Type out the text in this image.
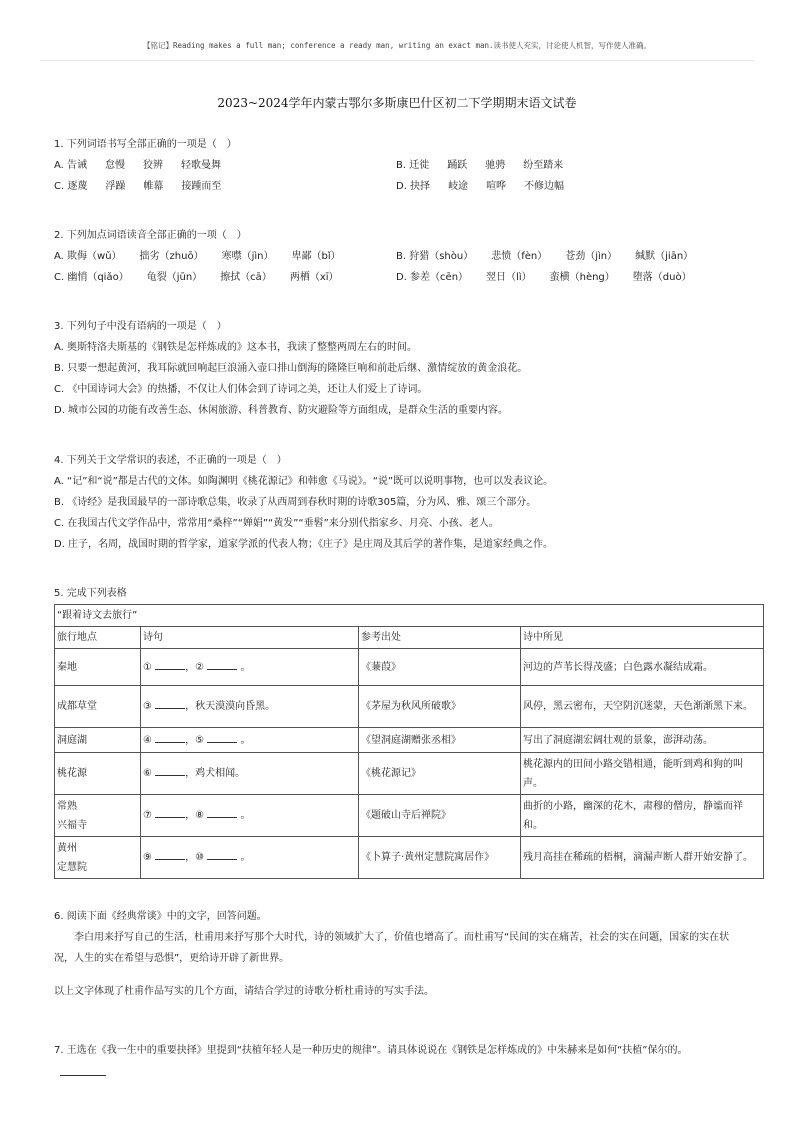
【铭记】Reading makes a full man; conference a ready man, writing an exact man.读书使人充实，讨论使人机智，写作使人准确。
2023~2024学年内蒙古鄂尔多斯康巴什区初二下学期期末语文试卷
1. 下列词语书写全部正确的一项是（　）
A. 告诫 怠慢 狡辨 轻歌曼舞	B. 迁徙 踊跃 驰骋 纷至踏来
C. 逐蔑 浮躁 帷幕 接踵而至	D. 抉择 岐途 喧哗 不修边幅
2. 下列加点词语读音全部正确的一项（　）
A. 欺侮（wǔ） 拙劣（zhuō） 寒噤（jìn） 卑鄙（bǐ）	B. 狩猎（shòu） 悲愤（fèn） 苍劲（jìn） 缄默（jiān）
C. 幽悄（qiǎo） 龟裂（jūn） 擦拭（cā） 两栖（xī）	D. 参差（cēn） 翌日（lì） 蛮横（hèng） 堕落（duò）
3. 下列句子中没有语病的一项是（　）
A. 奥斯特洛夫斯基的《钢铁是怎样炼成的》这本书，我读了整整两周左右的时间。
B. 只要一想起黄河，我耳际就回响起巨浪涌入壶口排山倒海的隆隆巨响和前赴后继、激情绽放的黄金浪花。
C. 《中国诗词大会》的热播，不仅让人们体会到了诗词之美，还让人们爱上了诗词。
D. 城市公园的功能有改善生态、休闲旅游、科普教育、防灾避险等方面组成，是群众生活的重要内容。
4. 下列关于文学常识的表述，不正确的一项是（　）
A. “记”和“说”都是古代的文体。如陶渊明《桃花源记》和韩愈《马说》。“说”既可以说明事物，也可以发表议论。
B. 《诗经》是我国最早的一部诗歌总集，收录了从西周到春秋时期的诗歌305篇，分为风、雅、颂三个部分。
C. 在我国古代文学作品中，常常用“桑梓”“婵娟”“黄发”“垂髫”来分别代指家乡、月亮、小孩、老人。
D. 庄子，名周，战国时期的哲学家，道家学派的代表人物；《庄子》是庄周及其后学的著作集，是道家经典之作。
5. 完成下列表格
“跟着诗文去旅行”			
旅行地点	诗句	参考出处	诗中所见
秦地	① ，② 。	《蒹葭》	河边的芦苇长得茂盛；白色露水凝结成霜。
成都草堂	③ ，秋天漠漠向昏黑。	《茅屋为秋风所破歌》	风停，黑云密布，天空阴沉迷蒙，天色渐渐黑下来。
洞庭湖	④ ，⑤ 。	《望洞庭湖赠张丞相》	写出了洞庭湖宏阔壮观的景象，澎湃动荡。
桃花源	⑥ ，鸡犬相闻。	《桃花源记》	桃花源内的田间小路交错相通，能听到鸡和狗的叫声。
常熟
兴福寺	⑦ ，⑧ 。	《题破山寺后禅院》	曲折的小路，幽深的花木，肃穆的僧房，静谧而祥和。
黄州
定慧院	⑨ ，⑩ 。	《卜算子·黄州定慧院寓居作》	残月高挂在稀疏的梧桐，滴漏声断人群开始安静了。
6. 阅读下面《经典常谈》中的文字，回答问题。
李白用来抒写自己的生活，杜甫用来抒写那个大时代，诗的领域扩大了，价值也增高了。而杜甫写“民间的实在痛苦，社会的实在问题，国家的实在状况，人生的实在希望与恐惧”，更给诗开辟了新世界。
以上文字体现了杜甫作品写实的几个方面，请结合学过的诗歌分析杜甫诗的写实手法。
7. 王选在《我一生中的重要抉择》里提到“扶植年轻人是一种历史的规律”。请具体说说在《钢铁是怎样炼成的》中朱赫来是如何“扶植”保尔的。
